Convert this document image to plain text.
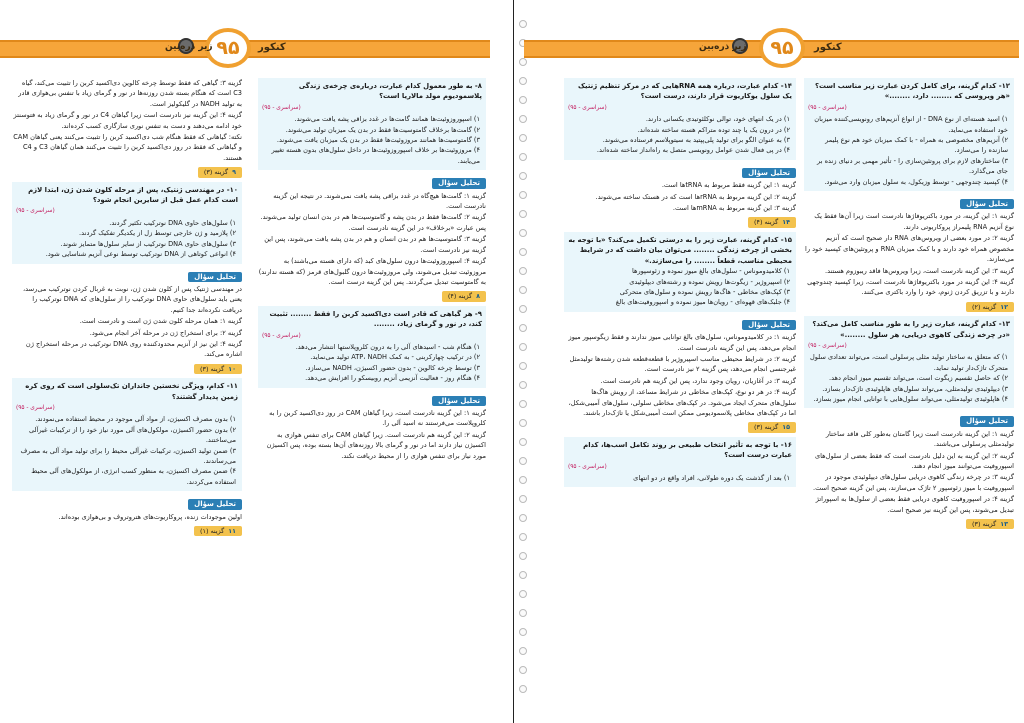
۹۵
زیر ذره‌بین	کنکور
۸- به طور معمول کدام عبارت، درباره‌ی چرخه‌ی زندگی پلاسمودیوم مولد مالاریا است؟
(سراسری - ۹۵)
۱) اسپوروزوئیت‌ها همانند گامت‌ها در غدد بزاقی پشه یافت می‌شوند.
۲) گامت‌ها برخلاف گامتوسیت‌ها فقط در بدن یک میزبان تولید می‌شوند.
۳) گامتوسیت‌ها همانند مروزوئیت‌ها فقط در بدن یک میزبان یافت می‌شوند.
۴) مروزوئیت‌ها بر خلاف اسپوروزوئیت‌ها در داخل سلول‌های بدون هسته تغییر می‌یابند.
تحلیل سؤال

گزینه ۱: گامت‌ها هیچ‌گاه در غدد بزاقی پشه یافت نمی‌شوند. در نتیجه این گزینه نادرست است.

گزینه ۲: گامت‌ها فقط در بدن پشه و گامتوسیت‌ها هم در بدن انسان تولید می‌شوند. پس عبارت «برخلاف» در این گزینه نادرست است.

گزینه ۳: گامتوسیت‌ها هم در بدن انسان و هم در بدن پشه یافت می‌شوند، پس این گزینه نیز نادرست است.

گزینه ۴: اسپوروزوئیت‌ها درون سلول‌های کبد (که دارای هسته می‌باشند) به مروزوئیت تبدیل می‌شوند، ولی مروزوئیت‌ها درون گلبول‌های قرمز (که هسته ندارند) به گامتوسیت تبدیل می‌گردند. پس این گزینه درست است.

۸گزینه (۴)
۹- هر گیاهی که قادر است دی‌اکسید کربن را فقط ........ تثبیت کند، در نور و گرمای زیاد، ........
(سراسری - ۹۵)
۱) هنگام شب - اسیدهای آلی را به درون کلروپلاستها انتشار می‌دهد.
۲) در ترکیب چهارکربنی - به کمک ATP، NADH تولید می‌نماید.
۳) توسط چرخه کالوین - بدون حضور اکسیژن، NADH می‌سازد.
۴) هنگام روز - فعالیت آنزیمی آنزیم روبیسکو را افزایش می‌دهد.
تحلیل سؤال

گزینه ۱: این گزینه نادرست است، زیرا گیاهان CAM در روز دی‌اکسید کربن را به کلروپلاست می‌فرستند نه اسید آلی را.

گزینه ۲: این گزینه هم نادرست است. زیرا گیاهان CAM برای تنفس هوازی به اکسیژن نیاز دارند اما در نور و گرمای بالا روزنه‌های آن‌ها بسته بوده، پس اکسیژن مورد نیاز برای تنفس هوازی را از محیط دریافت نکند.

گزینه ۳: گیاهی که فقط توسط چرخه کالوین دی‌اکسید کربن را تثبیت می‌کند، گیاه C3 است که هنگام بسته شدن روزنه‌ها در نور و گرمای زیاد با تنفس بی‌هوازی قادر به تولید NADH در گلیکولیز است.

گزینه ۴: این گزینه نیز نادرست است زیرا گیاهان C4 در نور و گرمای زیاد به فتوسنتز خود ادامه می‌دهند و دست به تنفس نوری سازگاری کسب کرده‌اند.

نکته: گیاهانی که فقط هنگام شب دی‌اکسید کربن را تثبیت می‌کنند یعنی گیاهان CAM و گیاهانی که فقط در روز دی‌اکسید کربن را تثبیت می‌کنند همان گیاهان C3 و C4 هستند.

۹گزینه (۳)
۱۰- در مهندسی ژنتیک، پس از مرحله کلون شدن ژن، ابتدا لازم است کدام عمل قبل از سایرین انجام شود؟
(سراسری - ۹۵)
۱) سلول‌های حاوی DNA نوترکیب تکثیر گردند.
۲) پلازمید و ژن خارجی توسط زل از یکدیگر تفکیک گردند.
۳) سلول‌های حاوی DNA نوترکیب از سایر سلول‌ها متمایز شوند.
۴) انواعی کوتاهی از DNA نوترکیب توسط نوعی آنزیم شناسایی شود.
تحلیل سؤال

در مهندسی ژنتیک پس از کلون شدن ژن، نوبت به غربال کردن نوترکیب می‌رسد، یعنی باید سلول‌های حاوی DNA نوترکیب را از سلول‌های که DNA نوترکیب را دریافت نکرده‌اند جدا کنیم.

گزینه ۱: همان مرحله کلون شدن ژن است و نادرست است.

گزینه ۲: برای استخراج ژن در مرحله آخر انجام می‌شود.

گزینه ۴: این نیز از آنزیم محدودکننده روی DNA نوترکیب در مرحله استخراج ژن اشاره می‌کند.

۱۰گزینه (۳)
۱۱- کدام، ویژگی نخستین جانداران تک‌سلولی است که روی کره زمین پدیدار گشتند؟
(سراسری - ۹۵)
۱) بدون مصرف اکسیژن، از مواد آلی موجود در محیط استفاده می‌نمودند.
۲) بدون حضور اکسیژن، مولکول‌های آلی مورد نیاز خود را از ترکیبات غیرآلی می‌ساختند.
۳) ضمن تولید اکسیژن، ترکیبات غیرآلی محیط را برای تولید مواد آلی به مصرف می‌رساندند.
۴) ضمن مصرف اکسیژن، به منظور کسب انرژی، از مولکول‌های آلی محیط استفاده می‌کردند.
تحلیل سؤال

اولین موجودات زنده، پروکاریوت‌های هتروتروف و بی‌هوازی بوده‌اند.

۱۱گزینه (۱)
۹۵
زیر ذره‌بین	کنکور
۱۲- کدام گزینه، برای کامل کردن عبارت زیر مناسب است؟ «هر ویروسی که ........ دارد، ........»
(سراسری - ۹۵)
۱) اسید هسته‌ای از نوع DNA - از انواع آنزیم‌های رونویسی‌کننده میزبان خود استفاده می‌نماید.
۲) آنزیم‌های مخصوصی به همراه - با کمک میزبان خود هم نوع پلیمر سازنده را می‌سازد.
۳) ساختارهای لازم برای پروتئین‌سازی را - تأثیر مهمی بر دنیای زنده بر جای می‌گذارد.
۴) کپسید چندوجهی - توسط وزیکول، به سلول میزبان وارد می‌شود.
تحلیل سؤال

گزینه ۱: این گزینه، در مورد باکتریوفاژها نادرست است زیرا آن‌ها فقط یک نوع آنزیم RNA پلیمراز پروکاریوتی دارند.

گزینه ۲: در مورد بعضی از ویروس‌های RNA دار صحیح است که آنزیم مخصوص همراه خود دارند و با کمک میزبان RNA و پروتئین‌های کپسید خود را می‌سازند.

گزینه ۳: این گزینه نادرست است، زیرا ویروس‌ها فاقد ریبوزوم هستند.

گزینه ۴: این گزینه در مورد باکتریوفاژها نادرست است، زیرا کپسید چندوجهی دارند و با تزریق کردن ژنوم، خود را وارد باکتری می‌کنند.

۱۲گزینه (۲)
۱۳- کدام گزینه، عبارت زیر را به طور مناسب کامل می‌کند؟ «در چرخه زندگی کاهوی دریایی، هر سلول ........»
(سراسری - ۹۵)
۱) که متعلق به ساختار تولید مثلی پرسلولی است، می‌تواند تعدادی سلول متحرک تاژک‌دار تولید نماید.
۲) که حاصل تقسیم زیگوت است، می‌تواند تقسیم میوز انجام دهد.
۳) دیپلوئیدی تولیدمثلی، می‌تواند سلول‌های هاپلوئیدی تاژک‌دار بسازد.
۴) هاپلوئیدی تولیدمثلی، می‌تواند سلول‌هایی با توانایی انجام میوز بسازد.
تحلیل سؤال

گزینه ۱: این گزینه نادرست است زیرا گامتان به‌طور کلی فاقد ساختار تولیدمثلی پرسلولی می‌باشند.

گزینه ۲: این گزینه به این دلیل نادرست است که فقط بعضی از سلول‌های اسپوروفیت می‌توانند میوز انجام دهند.

گزینه ۳: در چرخه زندگی کاهوی دریایی سلول‌های دیپلوئیدی موجود در اسپوروفیت با میوز زئوسپور ۲ تاژک می‌سازند، پس این گزینه صحیح است.

گزینه ۴: در اسپوروفیت کاهوی دریایی فقط بعضی از سلول‌ها به اسپوراتژ تبدیل می‌شوند، پس این گزینه نیز صحیح است.

۱۳گزینه (۳)
۱۴- کدام عبارت، درباره همه RNAهایی که در مرکز تنظیم ژنتیک یک سلول یوکاریوت قرار دارند، درست است؟
(سراسری - ۹۵)
۱) در یک انتهای خود، توالی نوکلئوتیدی یکسانی دارند.
۲) در درون یک یا چند توده متراکم هسته ساخته شده‌اند.
۳) به عنوان الگو برای تولید پلی‌پپتید به سیتوپلاسم فرستاده می‌شوند.
۴) در پی فعال شدن عوامل رونویسی متصل به راه‌انداز ساخته شده‌اند.
تحلیل سؤال

گزینه ۱: این گزینه فقط مربوط به tRNAها است.

گزینه ۲: این گزینه مربوط به rRNAها است که در هستک ساخته می‌شوند.

گزینه ۳: این گزینه مربوط به mRNAها است.

۱۴گزینه (۴)
۱۵- کدام گزینه، عبارت زیر را به درستی تکمیل می‌کند؟ «با توجه به بخشی از چرخه زندگی ........ می‌توان بیان داشت که در شرایط محیطی مناسب، قطعاً ........ را می‌سازند.»
۱) کلامیدوموناس - سلول‌های بالغ میوز نموده و زئوسپورها
۲) اسپیروژیر - زیگوت‌ها رویش نموده و رشته‌های دیپلوئیدی
۳) کپک‌های مخاطی - هاگ‌ها رویش نموده و سلول‌های متحرکی
۴) جلبک‌های قهوه‌ای - رویان‌ها میوز نموده و اسپوروفیت‌های بالغ
تحلیل سؤال

گزینه ۱: در کلامیدوموناس، سلول‌های بالغ توانایی میوز ندارند و فقط زیگوسپور میوز انجام می‌دهد، پس این گزینه نادرست است.

گزینه ۲: در شرایط محیطی مناسب اسپیروژیر با قطعه‌قطعه شدن رشته‌ها تولیدمثل غیرجنسی انجام می‌دهد، پس گزینه ۲ نیز نادرست است.

گزینه ۳: در آغازیان، رویان وجود ندارد، پس این گزینه هم نادرست است.

گزینه ۴: در هر دو نوع، کپک‌های مخاطی در شرایط مساعد، از رویش هاگ‌ها سلول‌های متحرک ایجاد می‌شود. در کپک‌های مخاطی سلولی، سلول‌های آمیبی‌شکل، اما در کپک‌های مخاطی پلاسمودیومی ممکن است آمیبی‌شکل یا تاژک‌دار باشند.

۱۵گزینه (۳)
۱۶- با توجه به تأثیر انتخاب طبیعی بر روند تکامل اسب‌ها، کدام عبارت درست است؟
(سراسری - ۹۵)
۱) بعد از گذشت یک دوره طولانی، افراد واقع در دو انتهای
